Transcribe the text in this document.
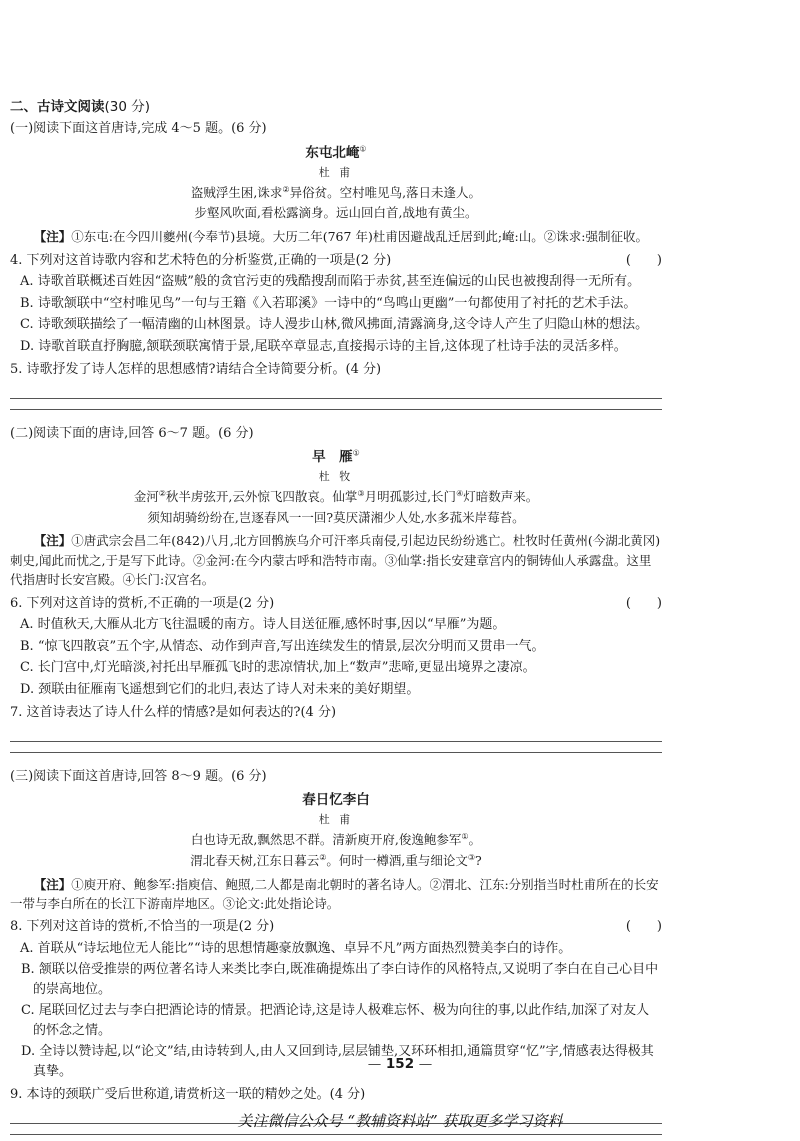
二、古诗文阅读(30 分)
(一)阅读下面这首唐诗,完成 4～5 题。(6 分)
东屯北崦①
杜 甫
盗贼浮生困,诛求②异俗贫。空村唯见鸟,落日未逢人。
步壑风吹面,看松露滴身。远山回白首,战地有黄尘。
【注】①东屯:在今四川夔州(今奉节)县境。大历二年(767 年)杜甫因避战乱迁居到此;崦:山。②诛求:强制征收。
4. 下列对这首诗歌内容和艺术特色的分析鉴赏,正确的一项是(2 分)	(　　)
A. 诗歌首联概述百姓因“盗贼”般的贪官污吏的残酷搜刮而陷于赤贫,甚至连偏远的山民也被搜刮得一无所有。
B. 诗歌颔联中“空村唯见鸟”一句与王籍《入若耶溪》一诗中的“鸟鸣山更幽”一句都使用了衬托的艺术手法。
C. 诗歌颈联描绘了一幅清幽的山林图景。诗人漫步山林,微风拂面,清露滴身,这令诗人产生了归隐山林的想法。
D. 诗歌首联直抒胸臆,颔联颈联寓情于景,尾联卒章显志,直接揭示诗的主旨,这体现了杜诗手法的灵活多样。
5. 诗歌抒发了诗人怎样的思想感情?请结合全诗简要分析。(4 分)
(二)阅读下面的唐诗,回答 6～7 题。(6 分)
早　雁①
杜 牧
金河②秋半虏弦开,云外惊飞四散哀。仙掌③月明孤影过,长门④灯暗数声来。
须知胡骑纷纷在,岂逐春风一一回?莫厌潇湘少人处,水多菰米岸莓苔。
【注】①唐武宗会昌二年(842)八月,北方回鹘族乌介可汗率兵南侵,引起边民纷纷逃亡。杜牧时任黄州(今湖北黄冈)刺史,闻此而忧之,于是写下此诗。②金河:在今内蒙古呼和浩特市南。③仙掌:指长安建章宫内的铜铸仙人承露盘。这里代指唐时长安宫殿。④长门:汉宫名。
6. 下列对这首诗的赏析,不正确的一项是(2 分)	(　　)
A. 时值秋天,大雁从北方飞往温暖的南方。诗人目送征雁,感怀时事,因以“早雁”为题。
B. “惊飞四散哀”五个字,从情态、动作到声音,写出连续发生的情景,层次分明而又贯串一气。
C. 长门宫中,灯光暗淡,衬托出早雁孤飞时的悲凉情状,加上“数声”悲啼,更显出境界之凄凉。
D. 颈联由征雁南飞遥想到它们的北归,表达了诗人对未来的美好期望。
7. 这首诗表达了诗人什么样的情感?是如何表达的?(4 分)
(三)阅读下面这首唐诗,回答 8～9 题。(6 分)
春日忆李白
杜 甫
白也诗无敌,飘然思不群。清新庾开府,俊逸鲍参军①。
渭北春天树,江东日暮云②。何时一樽酒,重与细论文③?
【注】①庾开府、鲍参军:指庾信、鲍照,二人都是南北朝时的著名诗人。②渭北、江东:分别指当时杜甫所在的长安一带与李白所在的长江下游南岸地区。③论文:此处指论诗。
8. 下列对这首诗的赏析,不恰当的一项是(2 分)	(　　)
A. 首联从“诗坛地位无人能比”“诗的思想情趣豪放飘逸、卓异不凡”两方面热烈赞美李白的诗作。
B. 颔联以倍受推崇的两位著名诗人来类比李白,既准确提炼出了李白诗作的风格特点,又说明了李白在自己心目中的崇高地位。
C. 尾联回忆过去与李白把酒论诗的情景。把酒论诗,这是诗人极难忘怀、极为向往的事,以此作结,加深了对友人的怀念之情。
D. 全诗以赞诗起,以“论文”结,由诗转到人,由人又回到诗,层层铺垫,又环环相扣,通篇贯穿“忆”字,情感表达得极其真挚。
9. 本诗的颈联广受后世称道,请赏析这一联的精妙之处。(4 分)
— 152 —
关注微信公众号 “教辅资料站” 获取更多学习资料
